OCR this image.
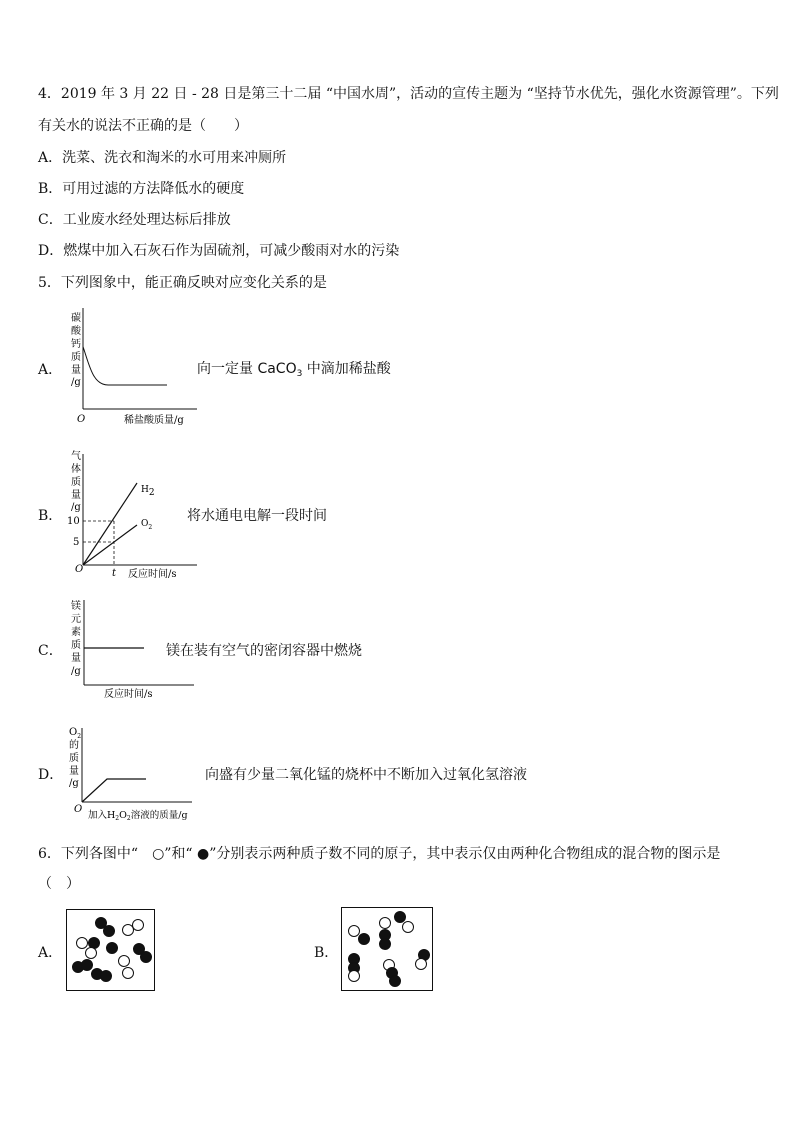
4．2019 年 3 月 22 日 - 28 日是第三十二届 “中国水周”，活动的宣传主题为 “坚持节水优先，强化水资源管理”。下列
有关水的说法不正确的是（　　）
A．洗菜、洗衣和淘米的水可用来冲厕所
B．可用过滤的方法降低水的硬度
C．工业废水经处理达标后排放
D．燃煤中加入石灰石作为固硫剂，可减少酸雨对水的污染
5．下列图象中，能正确反映对应变化关系的是
A．
碳
酸
钙
质
量
/g
O	稀盐酸质量/g
向一定量 CaCO$_3$ 中滴加稀盐酸
B．
气
体
质
量
/g
10
5
H2
$O_2$
O	t 反应时间/s
将水通电电解一段时间
C．
镁
元
素
质
量
/g
反应时间/s
镁在装有空气的密闭容器中燃烧
D．
$O_2$
的
质
量
/g
O
加入$H_2O_2$溶液的质量/g
向盛有少量二氧化锰的烧杯中不断加入过氧化氢溶液
6．下列各图中“　○”和“ ●”分别表示两种质子数不同的原子，其中表示仅由两种化合物组成的混合物的图示是
（　）
A．	B．
